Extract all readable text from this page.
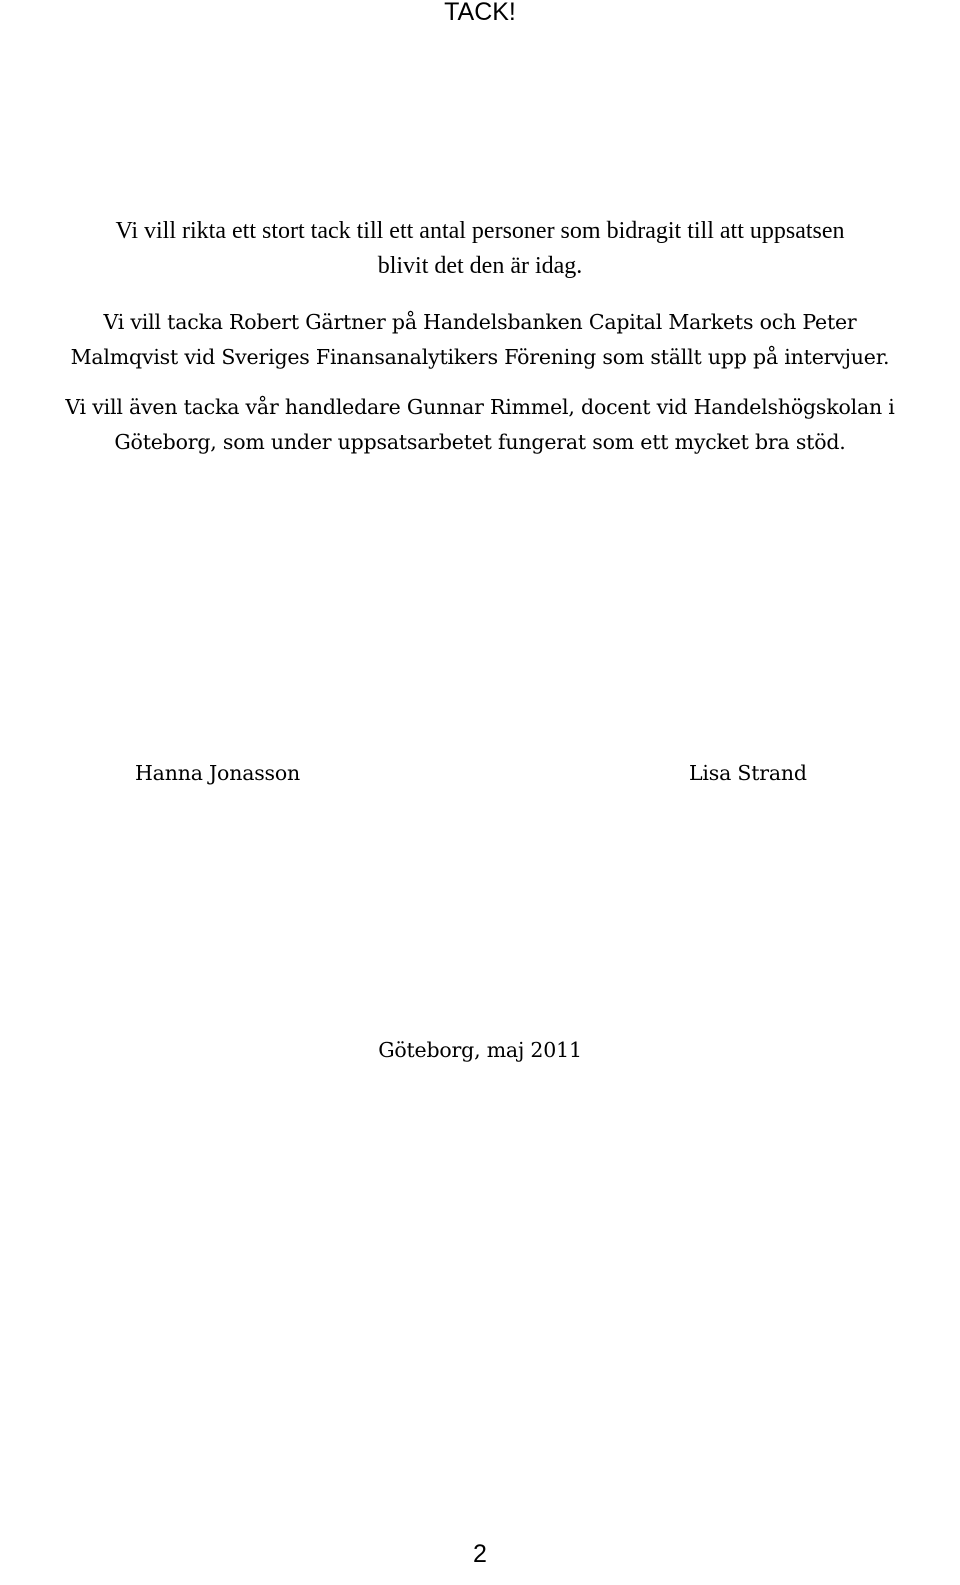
TACK!

Vi vill rikta ett stort tack till ett antal personer som bidragit till att uppsatsen
blivit det den är idag.

Vi vill tacka Robert Gärtner på Handelsbanken Capital Markets och Peter
Malmqvist vid Sveriges Finansanalytikers Förening som ställt upp på intervjuer.

Vi vill även tacka vår handledare Gunnar Rimmel, docent vid Handelshögskolan i
Göteborg, som under uppsatsarbetet fungerat som ett mycket bra stöd.

Hanna Jonasson	Lisa Strand

Göteborg, maj 2011

2
